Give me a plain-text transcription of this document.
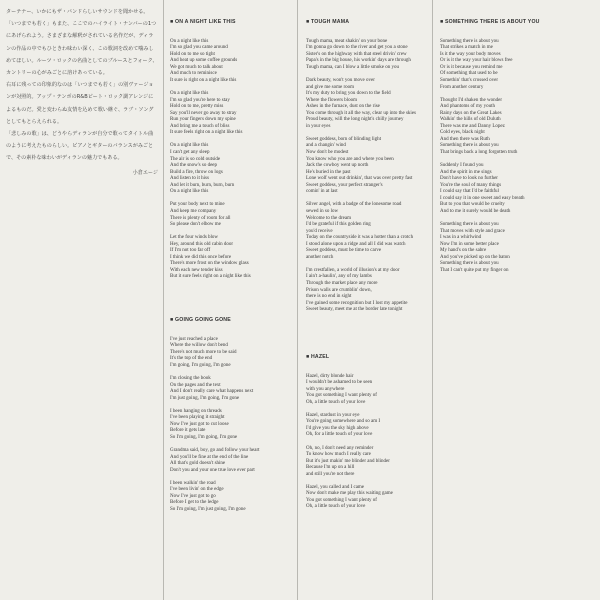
ターテナー、いかにもザ・バンドらしいサウンドを聞かせる。

「いつまでも若く」もまた、ここでのハイライト・ナンバーの1つにあげられよう。さまざまな解釈がされている名作だが、ディランの作品の中でもひときわ味わい深く、この歌詞を改めて噛みしめてほしい。ルーツ・ロックの名曲としてのブルースとフォーク、カントリーの心がみごとに溶けあっている。

右耳に残っての印象的なのは「いつまでも若く」の別ヴァージョンが対照的。アップ・テンポのR&Bビート・ロック調アレンジによるものだ。愛と変わらぬ友情を込めて歌い継ぐ、ラブ・ソングとしてもとらえられる。

「悲しみの歌」は、どうやらディランが自分で歌ってタイトル曲のように考えたものらしい。ピアノとギターのバランスがみごとで、その素朴な味わいがディランの魅力でもある。

小倉エージ

■ ON A NIGHT LIKE THIS

On a night like this
I'm so glad you came around
Hold on to me so tight
And heat up some coffee grounds
We got much to talk about
And much to reminisce
It sure is right on a night like this

On a night like this
I'm so glad you're here to stay
Hold on to me, pretty miss
Say you'll never go away to stray
Run your fingers down my spine
And bring me a touch of bliss
It sure feels right on a night like this

On a night like this
I can't get any sleep
The air is so cold outside
And the snow's so deep
Build a fire, throw on logs
And listen to it hiss
And let it burn, burn, burn, burn
On a night like this

Put your body next to mine
And keep me company
There is plenty of room for all
So please don't elbow me

Let the four winds blow
Hey, around this old cabin door
If I'm not too far off
I think we did this once before
There's more frost on the window glass
With each new tender kiss
But it sure feels right on a night like this

■ GOING GOING GONE

I've just reached a place
Where the willow don't bend
There's not much more to be said
It's the top of the end
I'm going, I'm going, I'm gone

I'm closing the book
On the pages and the text
And I don't really care what happens next
I'm just going, I'm going, I'm gone

I been hanging on threads
I've been playing it straight
Now I've just got to cut loose
Before it gets late
So I'm going, I'm going, I'm gone

Grandma said, boy, go and follow your heart
And you'll be fine at the end of the line
All that's gold doesn't shine
Don't you and your one true love ever part

I been walkin' the road
I've been livin' on the edge
Now I've just got to go
Before I get to the ledge
So I'm going, I'm just going, I'm gone

■ TOUGH MAMA

Tough mama, meat shakin' on your bone
I'm gonna go down to the river and get you a stone
Sister's on the highway with that steel drivin' crew
Papa's in the big house, his workin' days are through
Tough mama, can I blow a little smoke on you

Dark beauty, won't you move over
and give me some room
It's my duty to bring you down to the field
Where the flowers bloom
Ashes in the furnace, dust on the rise
You come through it all the way, clear up into the skies
Proud beauty, will the long night's chilly journey
in your eyes

Sweet goddess, born of blinding light
and a changin' wind
Now don't be modest
You know who you are and where you been
Jack the cowboy went up north
He's buried in the past
Lone wolf went out drinkin', that was over pretty fast
Sweet goddess, your perfect stranger's
comin' in at last

Silver angel, with a badge of the lonesome road
sewed in so low
Welcome to the dream
I'd be grateful if this golden ring
you'd receive
Today on the countryside it was a hotter than a crotch
I stood alone upon a ridge and all I did was watch
Sweet goddess, must be time to carve
another notch

I'm crestfallen, a world of illusion's at my door
I ain't a-haulin', any of my lambs
Through the market place any more
Prison walls are crumblin' down,
there is no end in sight
I've gained some recognition but I lost my appetite
Sweet beauty, meet me at the border late tonight

■ HAZEL

Hazel, dirty blonde hair
I wouldn't be ashamed to be seen
with you anywhere
You got something I want plenty of
Oh, a little touch of your love

Hazel, stardust in your eye
You're going somewhere and so am I
I'd give you the sky high above
Oh, for a little touch of your love

Oh, no, I don't need any reminder
To know how much I really care
But it's just makin' me blinder and blinder
Because I'm up on a hill
and still you're not there

Hazel, you called and I came
Now don't make me play this waiting game
You got something I want plenty of
Oh, a little touch of your love

■ SOMETHING THERE IS ABOUT YOU

Something there is about you
That strikes a match in me
Is it the way your body moves
Or is it the way your hair blows free
Or is it because you remind me
Of something that used to be
Somethin' that's crossed over
From another century

Thought I'd shaken the wonder
And phantoms of my youth
Rainy days on the Great Lakes
Walkin' the hills of old Duluth
There was me and Danny Lopez
Cold eyes, black night
And then there was Ruth
Something there is about you
That brings back a long forgotten truth

Suddenly I found you
And the spirit in me sings
Don't have to look no further
You're the soul of many things
I could say that I'd be faithful
I could say it in one sweet and easy breath
But to you that would be cruelty
And to me it surely would be death

Something there is about you
That moves with style and grace
I was in a whirlwind
Now I'm in some better place
My hand's on the sabre
And you've picked up on the baton
Something there is about you
That I can't quite put my finger on
